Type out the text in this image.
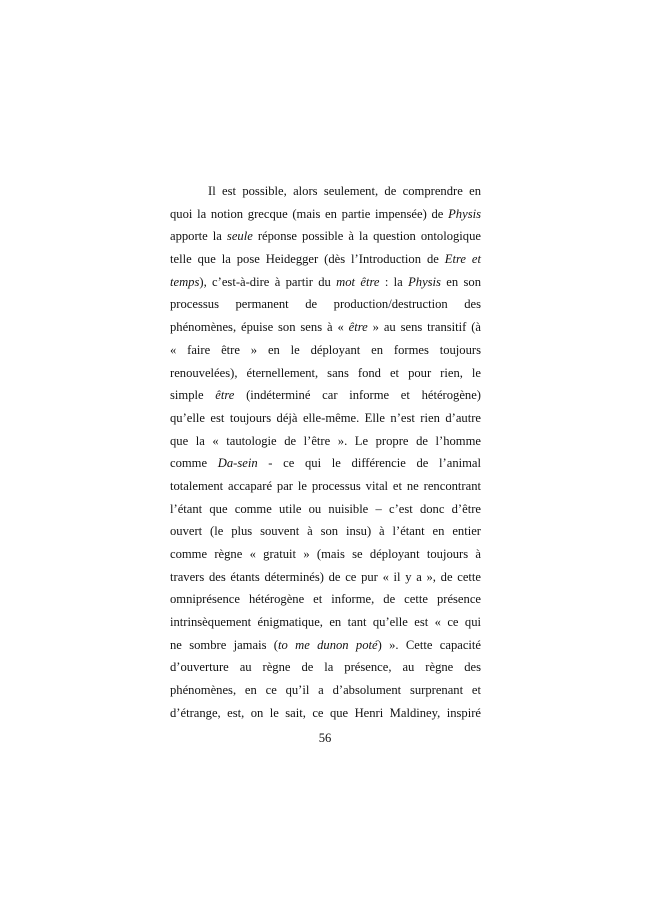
Il est possible, alors seulement, de comprendre en
quoi la notion grecque (mais en partie impensée) de Physis
apporte la seule réponse possible à la question ontologique
telle que la pose Heidegger (dès l’Introduction de Etre et
temps), c’est-à-dire à partir du mot être : la Physis en son
processus permanent de production/destruction des
phénomènes, épuise son sens à « être » au sens transitif (à
« faire être » en le déployant en formes toujours
renouvelées), éternellement, sans fond et pour rien, le
simple être (indéterminé car informe et hétérogène)
qu’elle est toujours déjà elle-même. Elle n’est rien d’autre
que la « tautologie de l’être ». Le propre de l’homme
comme Da-sein - ce qui le différencie de l’animal
totalement accaparé par le processus vital et ne rencontrant
l’étant que comme utile ou nuisible – c’est donc d’être
ouvert (le plus souvent à son insu) à l’étant en entier
comme règne « gratuit » (mais se déployant toujours à
travers des étants déterminés) de ce pur « il y a », de cette
omniprésence hétérogène et informe, de cette présence
intrinsèquement énigmatique, en tant qu’elle est « ce qui
ne sombre jamais (to me dunon poté) ». Cette capacité
d’ouverture au règne de la présence, au règne des
phénomènes, en ce qu’il a d’absolument surprenant et
d’étrange, est, on le sait, ce que Henri Maldiney, inspiré
56
